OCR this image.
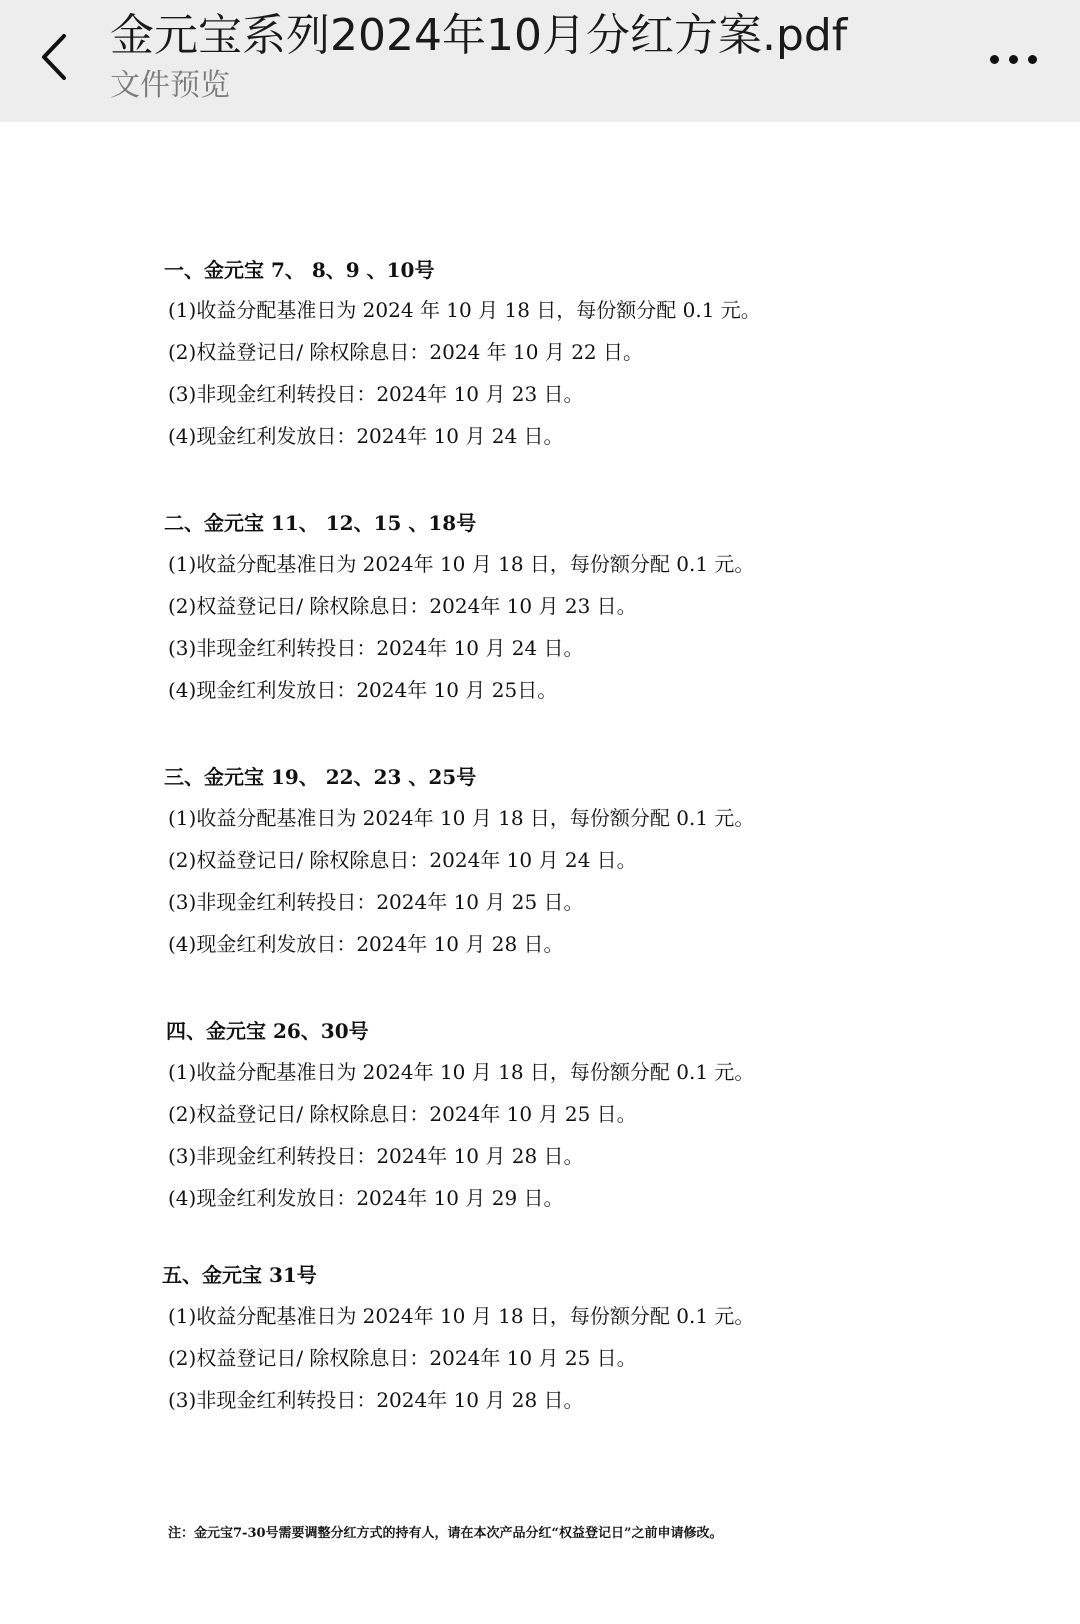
金元宝系列2024年10月分红方案.pdf
文件预览
一、金元宝 7、 8、9 、10号
(1)收益分配基准日为 2024 年 10 月 18 日，每份额分配 0.1 元。
(2)权益登记日/ 除权除息日：2024 年 10 月 22 日。
(3)非现金红利转投日：2024年 10 月 23 日。
(4)现金红利发放日：2024年 10 月 24 日。
二、金元宝 11、 12、15 、18号
(1)收益分配基准日为 2024年 10 月 18 日，每份额分配 0.1 元。
(2)权益登记日/ 除权除息日：2024年 10 月 23 日。
(3)非现金红利转投日：2024年 10 月 24 日。
(4)现金红利发放日：2024年 10 月 25日。
三、金元宝 19、 22、23 、25号
(1)收益分配基准日为 2024年 10 月 18 日，每份额分配 0.1 元。
(2)权益登记日/ 除权除息日：2024年 10 月 24 日。
(3)非现金红利转投日：2024年 10 月 25 日。
(4)现金红利发放日：2024年 10 月 28 日。
四、金元宝 26、30号
(1)收益分配基准日为 2024年 10 月 18 日，每份额分配 0.1 元。
(2)权益登记日/ 除权除息日：2024年 10 月 25 日。
(3)非现金红利转投日：2024年 10 月 28 日。
(4)现金红利发放日：2024年 10 月 29 日。
五、金元宝 31号
(1)收益分配基准日为 2024年 10 月 18 日，每份额分配 0.1 元。
(2)权益登记日/ 除权除息日：2024年 10 月 25 日。
(3)非现金红利转投日：2024年 10 月 28 日。
注：金元宝7-30号需要调整分红方式的持有人，请在本次产品分红“权益登记日”之前申请修改。
